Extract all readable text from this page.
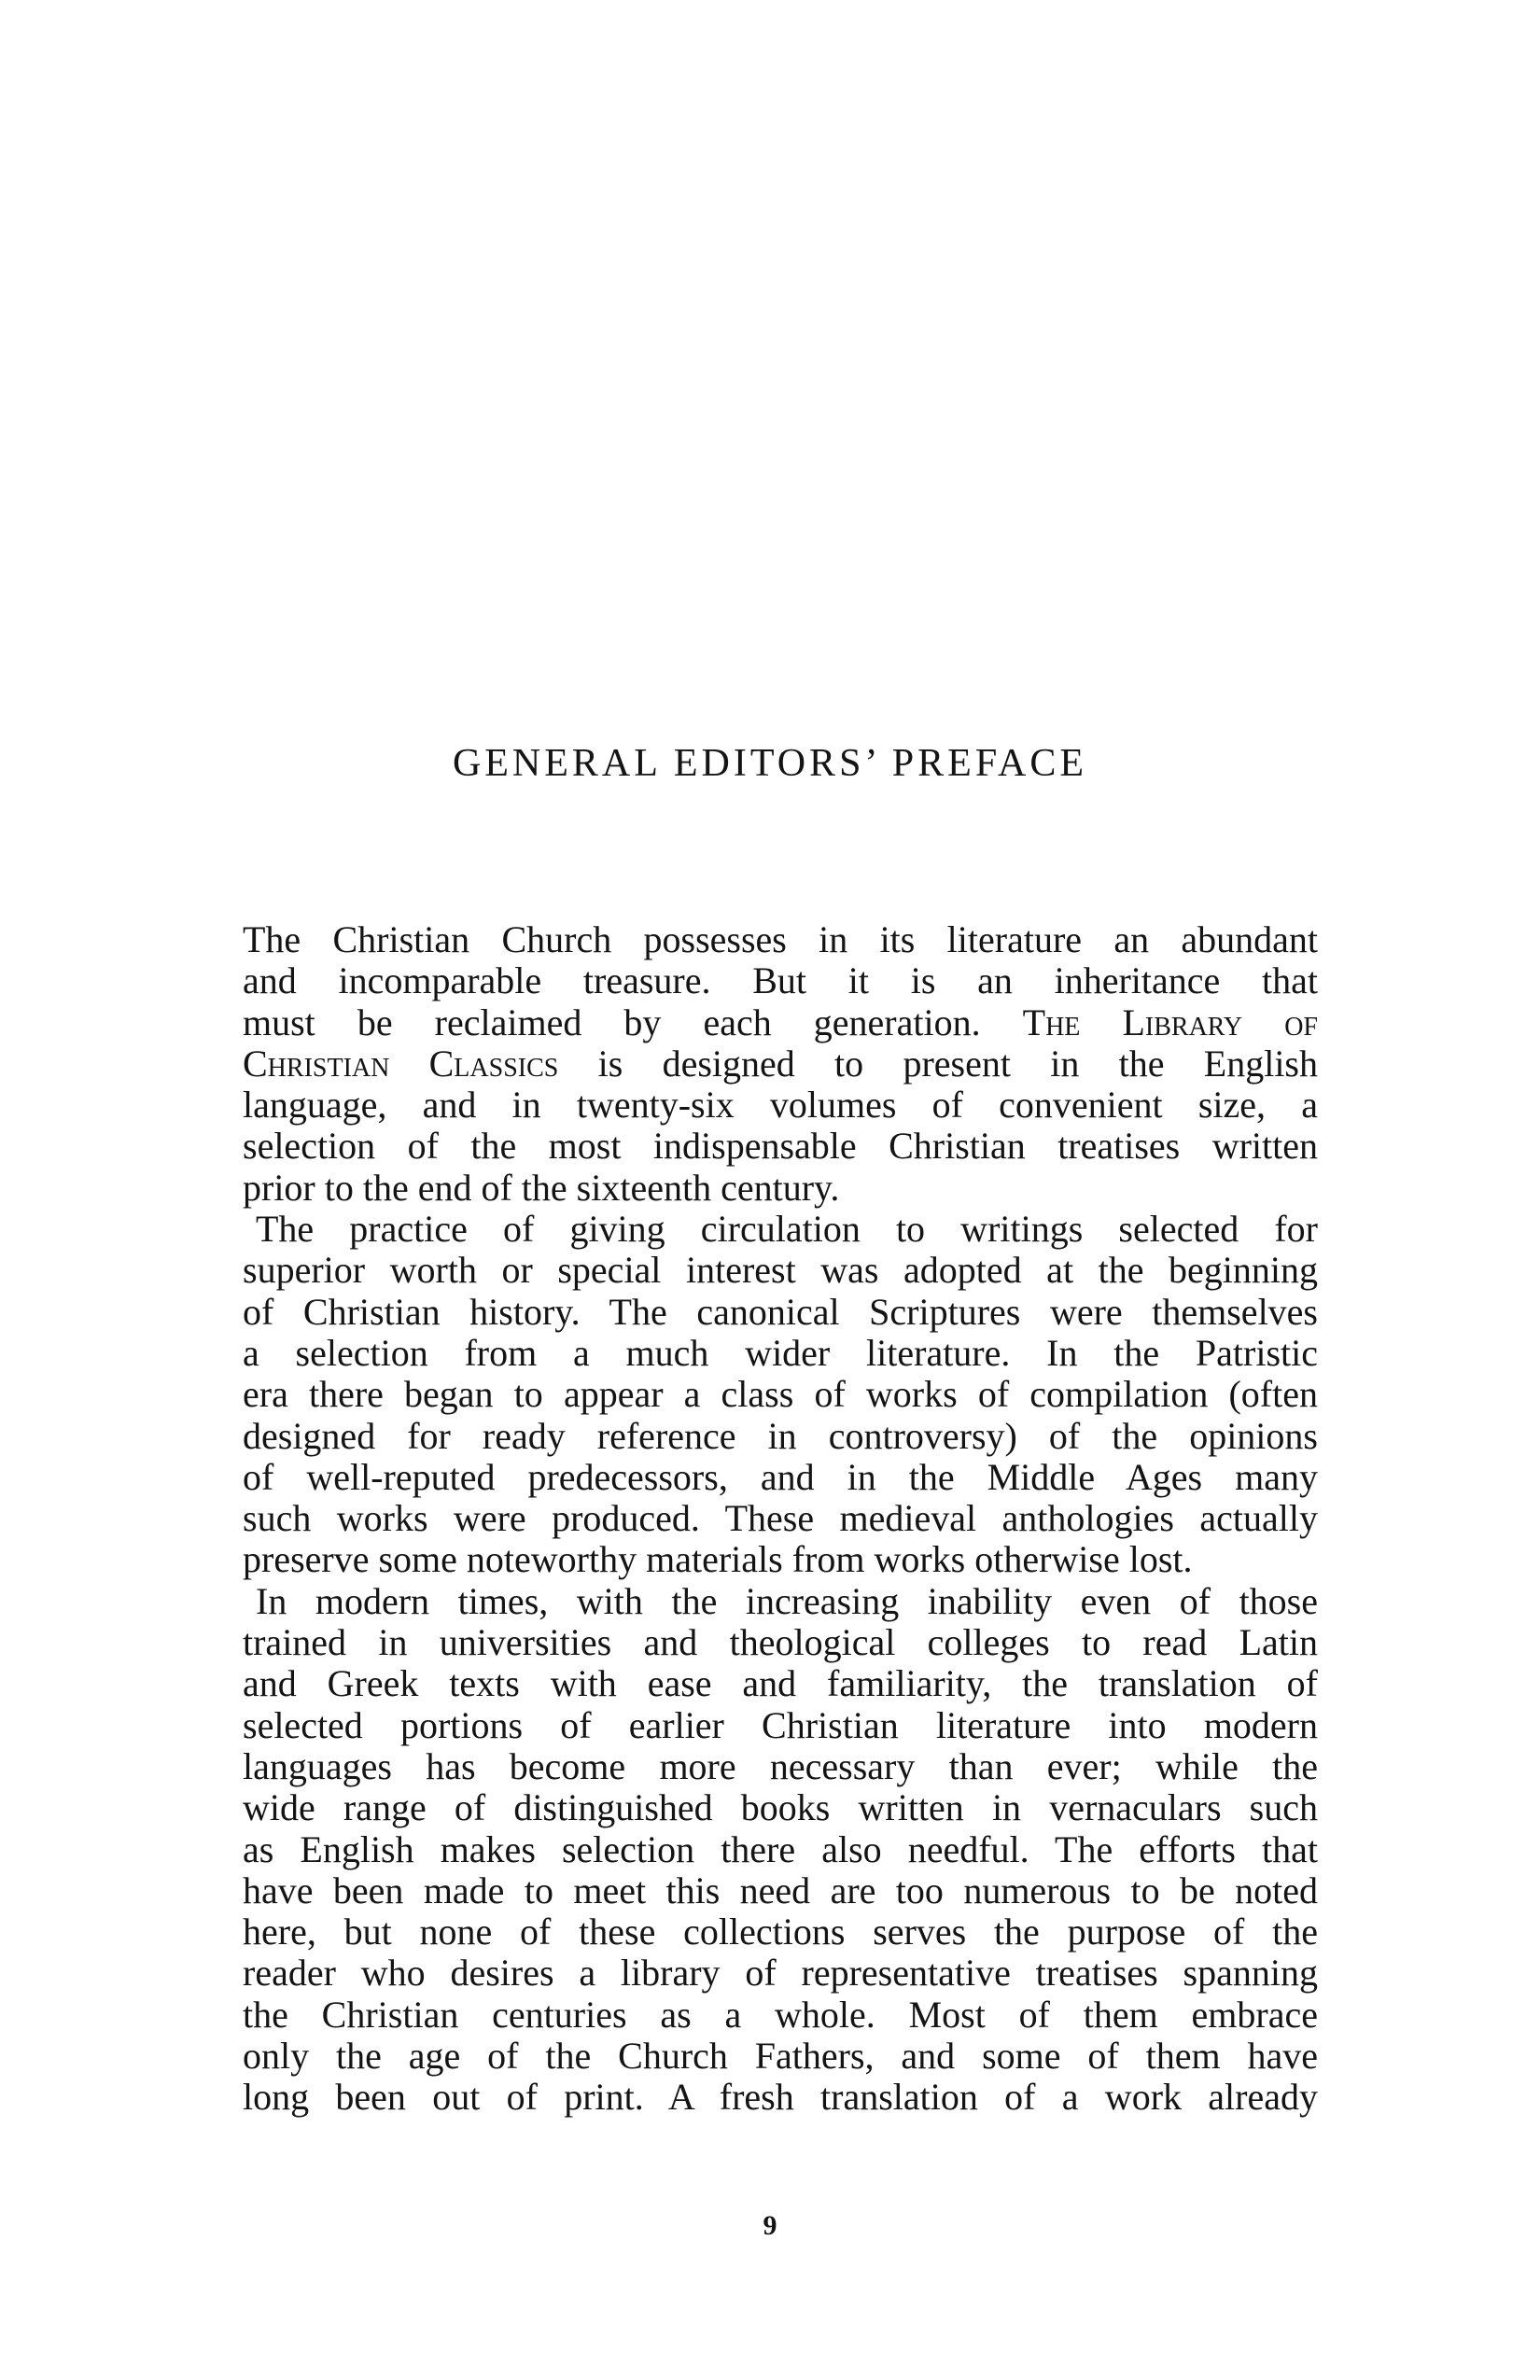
GENERAL EDITORS’ PREFACE
The Christian Church possesses in its literature an abundant
and incomparable treasure. But it is an inheritance that
must be reclaimed by each generation. The Library of
Christian Classics is designed to present in the English
language, and in twenty-six volumes of convenient size, a
selection of the most indispensable Christian treatises written
prior to the end of the sixteenth century.
The practice of giving circulation to writings selected for
superior worth or special interest was adopted at the beginning
of Christian history. The canonical Scriptures were themselves
a selection from a much wider literature. In the Patristic
era there began to appear a class of works of compilation (often
designed for ready reference in controversy) of the opinions
of well-reputed predecessors, and in the Middle Ages many
such works were produced. These medieval anthologies actually
preserve some noteworthy materials from works otherwise lost.
In modern times, with the increasing inability even of those
trained in universities and theological colleges to read Latin
and Greek texts with ease and familiarity, the translation of
selected portions of earlier Christian literature into modern
languages has become more necessary than ever; while the
wide range of distinguished books written in vernaculars such
as English makes selection there also needful. The efforts that
have been made to meet this need are too numerous to be noted
here, but none of these collections serves the purpose of the
reader who desires a library of representative treatises spanning
the Christian centuries as a whole. Most of them embrace
only the age of the Church Fathers, and some of them have
long been out of print. A fresh translation of a work already
9
